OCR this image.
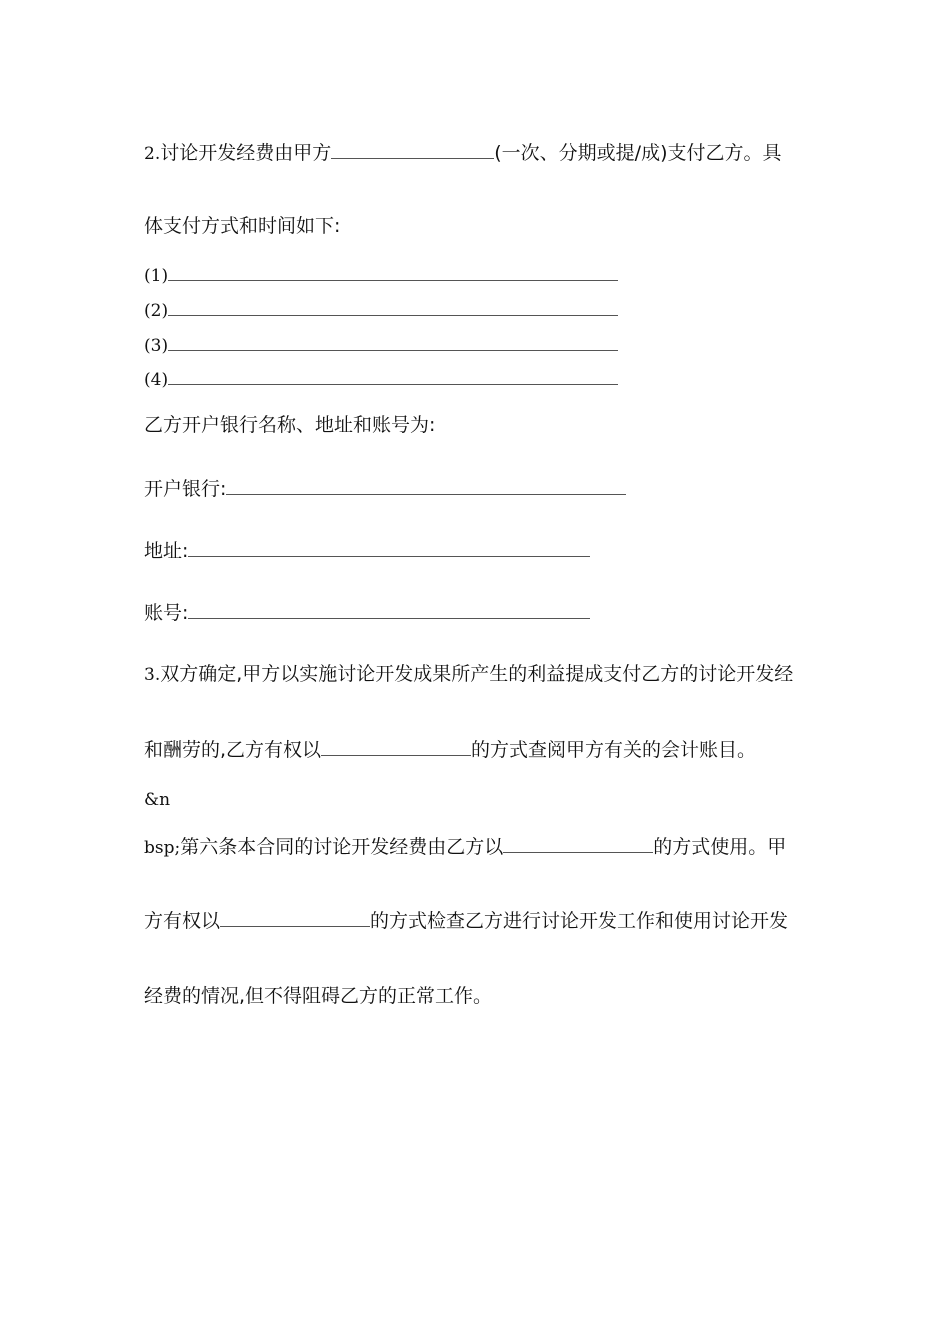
2.讨论开发经费由甲方	(一次、分期或提/成)支付乙方。具
体支付方式和时间如下:
(1)
(2)
(3)
(4)
乙方开户银行名称、地址和账号为:
开户银行:
地址:
账号:
3.双方确定,甲方以实施讨论开发成果所产生的利益提成支付乙方的讨论开发经
和酬劳的,乙方有权以	的方式查阅甲方有关的会计账目。
&n
bsp;第六条本合同的讨论开发经费由乙方以	的方式使用。甲
方有权以	的方式检查乙方进行讨论开发工作和使用讨论开发
经费的情况,但不得阻碍乙方的正常工作。
